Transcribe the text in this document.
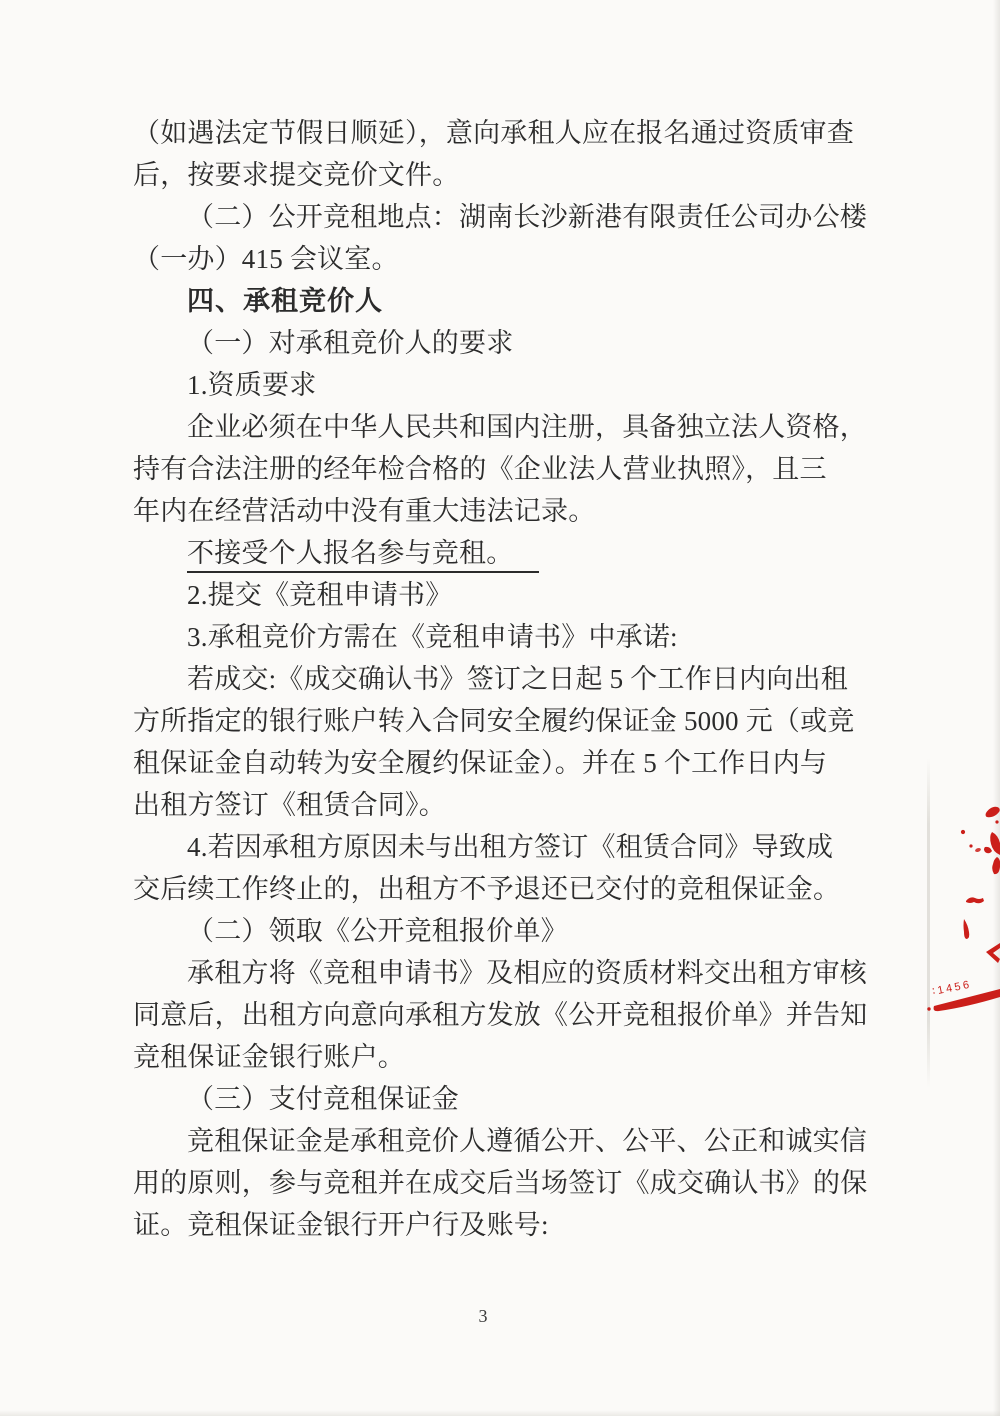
（如遇法定节假日顺延），意向承租人应在报名通过资质审查
后，按要求提交竞价文件。
（二）公开竞租地点：湖南长沙新港有限责任公司办公楼
（一办）415 会议室。
四、承租竞价人
（一）对承租竞价人的要求
1.资质要求
企业必须在中华人民共和国内注册，具备独立法人资格，
持有合法注册的经年检合格的《企业法人营业执照》，且三
年内在经营活动中没有重大违法记录。
不接受个人报名参与竞租。
2.提交《竞租申请书》
3.承租竞价方需在《竞租申请书》中承诺:
若成交:《成交确认书》签订之日起 5 个工作日内向出租
方所指定的银行账户转入合同安全履约保证金 5000 元（或竞
租保证金自动转为安全履约保证金）。并在 5 个工作日内与
出租方签订《租赁合同》。
4.若因承租方原因未与出租方签订《租赁合同》导致成
交后续工作终止的，出租方不予退还已交付的竞租保证金。
（二）领取《公开竞租报价单》
承租方将《竞租申请书》及相应的资质材料交出租方审核
同意后，出租方向意向承租方发放《公开竞租报价单》并告知
竞租保证金银行账户。
（三）支付竞租保证金
竞租保证金是承租竞价人遵循公开、公平、公正和诚实信
用的原则，参与竞租并在成交后当场签订《成交确认书》的保
证。竞租保证金银行开户行及账号:
∶1456
3
